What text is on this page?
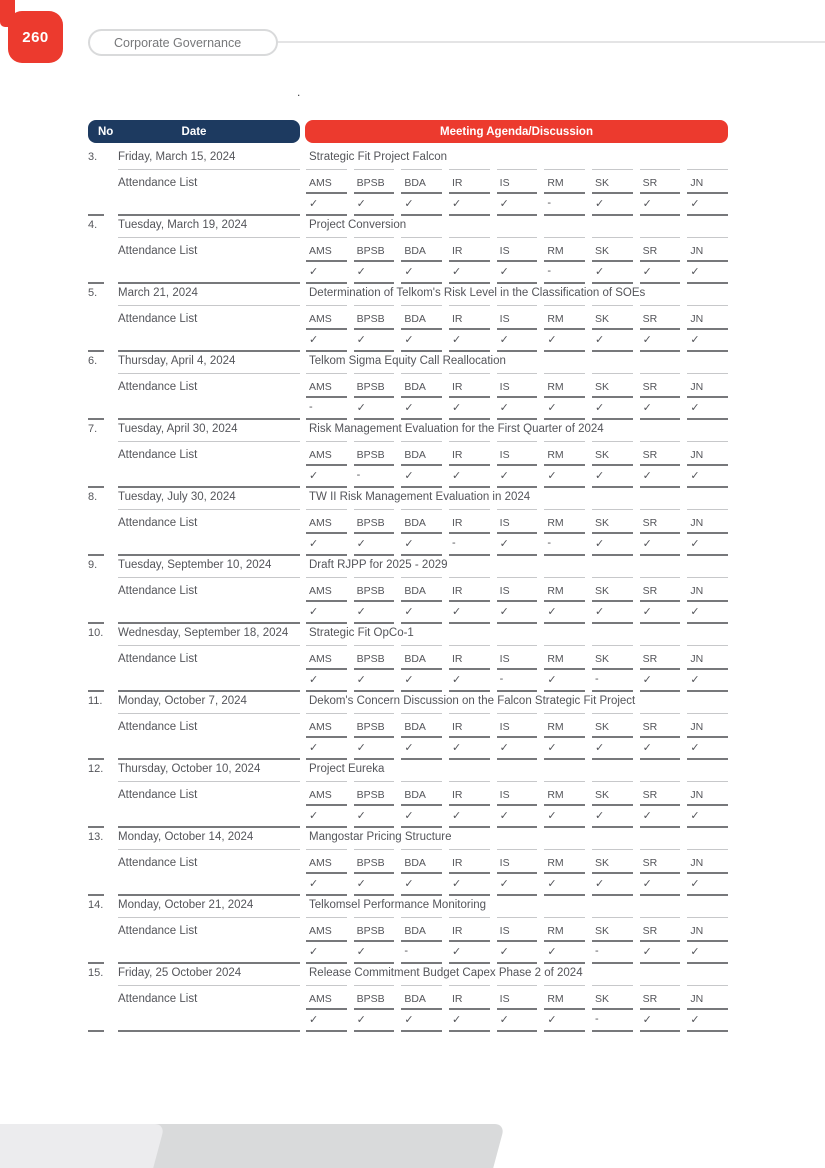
260	Corporate Governance
.
No	Date	Meeting Agenda/Discussion
3.	Friday, March 15, 2024	Strategic Fit Project Falcon
Attendance List	AMS	BPSB	BDA	IR	IS	RM	SK	SR	JN
✓	✓	✓	✓	✓	-	✓	✓	✓
4.	Tuesday, March 19, 2024	Project Conversion
Attendance List	AMS	BPSB	BDA	IR	IS	RM	SK	SR	JN
✓	✓	✓	✓	✓	-	✓	✓	✓
5.	March 21, 2024	Determination of Telkom's Risk Level in the Classification of SOEs
Attendance List	AMS	BPSB	BDA	IR	IS	RM	SK	SR	JN
✓	✓	✓	✓	✓	✓	✓	✓	✓
6.	Thursday, April 4, 2024	Telkom Sigma Equity Call Reallocation
Attendance List	AMS	BPSB	BDA	IR	IS	RM	SK	SR	JN
-	✓	✓	✓	✓	✓	✓	✓	✓
7.	Tuesday, April 30, 2024	Risk Management Evaluation for the First Quarter of 2024
Attendance List	AMS	BPSB	BDA	IR	IS	RM	SK	SR	JN
✓	-	✓	✓	✓	✓	✓	✓	✓
8.	Tuesday, July 30, 2024	TW II Risk Management Evaluation in 2024
Attendance List	AMS	BPSB	BDA	IR	IS	RM	SK	SR	JN
✓	✓	✓	-	✓	-	✓	✓	✓
9.	Tuesday, September 10, 2024	Draft RJPP for 2025 - 2029
Attendance List	AMS	BPSB	BDA	IR	IS	RM	SK	SR	JN
✓	✓	✓	✓	✓	✓	✓	✓	✓
10. Wednesday, September 18, 2024	Strategic Fit OpCo-1
Attendance List	AMS	BPSB	BDA	IR	IS	RM	SK	SR	JN
✓	✓	✓	✓	-	✓	-	✓	✓
11. Monday, October 7, 2024	Dekom's Concern Discussion on the Falcon Strategic Fit Project
Attendance List	AMS	BPSB	BDA	IR	IS	RM	SK	SR	JN
✓	✓	✓	✓	✓	✓	✓	✓	✓
12. Thursday, October 10, 2024	Project Eureka
Attendance List	AMS	BPSB	BDA	IR	IS	RM	SK	SR	JN
✓	✓	✓	✓	✓	✓	✓	✓	✓
13. Monday, October 14, 2024	Mangostar Pricing Structure
Attendance List	AMS	BPSB	BDA	IR	IS	RM	SK	SR	JN
✓	✓	✓	✓	✓	✓	✓	✓	✓
14. Monday, October 21, 2024	Telkomsel Performance Monitoring
Attendance List	AMS	BPSB	BDA	IR	IS	RM	SK	SR	JN
✓	✓	-	✓	✓	✓	-	✓	✓
15. Friday, 25 October 2024	Release Commitment Budget Capex Phase 2 of 2024
Attendance List	AMS	BPSB	BDA	IR	IS	RM	SK	SR	JN
✓	✓	✓	✓	✓	✓	-	✓	✓
